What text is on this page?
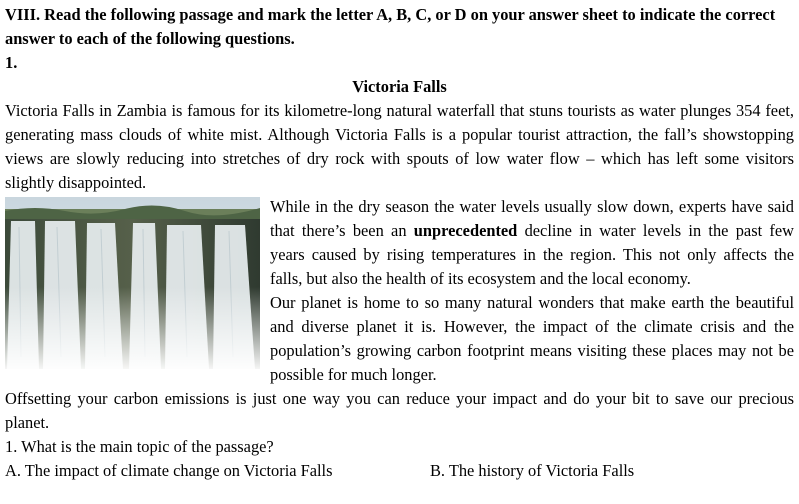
VIII. Read the following passage and mark the letter A, B, C, or D on your answer sheet to indicate the correct answer to each of the following questions.

1.

Victoria Falls

Victoria Falls in Zambia is famous for its kilometre-long natural waterfall that stuns tourists as water plunges 354 feet, generating mass clouds of white mist. Although Victoria Falls is a popular tourist attraction, the fall’s showstopping views are slowly reducing into stretches of dry rock with spouts of low water flow – which has left some visitors slightly disappointed.

While in the dry season the water levels usually slow down, experts have said that there’s been an unprecedented decline in water levels in the past few years caused by rising temperatures in the region. This not only affects the falls, but also the health of its ecosystem and the local economy.

Our planet is home to so many natural wonders that make earth the beautiful and diverse planet it is. However, the impact of the climate crisis and the population’s growing carbon footprint means visiting these places may not be possible for much longer.

Offsetting your carbon emissions is just one way you can reduce your impact and do your bit to save our precious planet.

1. What is the main topic of the passage?

A. The impact of climate change on Victoria Falls	B. The history of Victoria Falls
